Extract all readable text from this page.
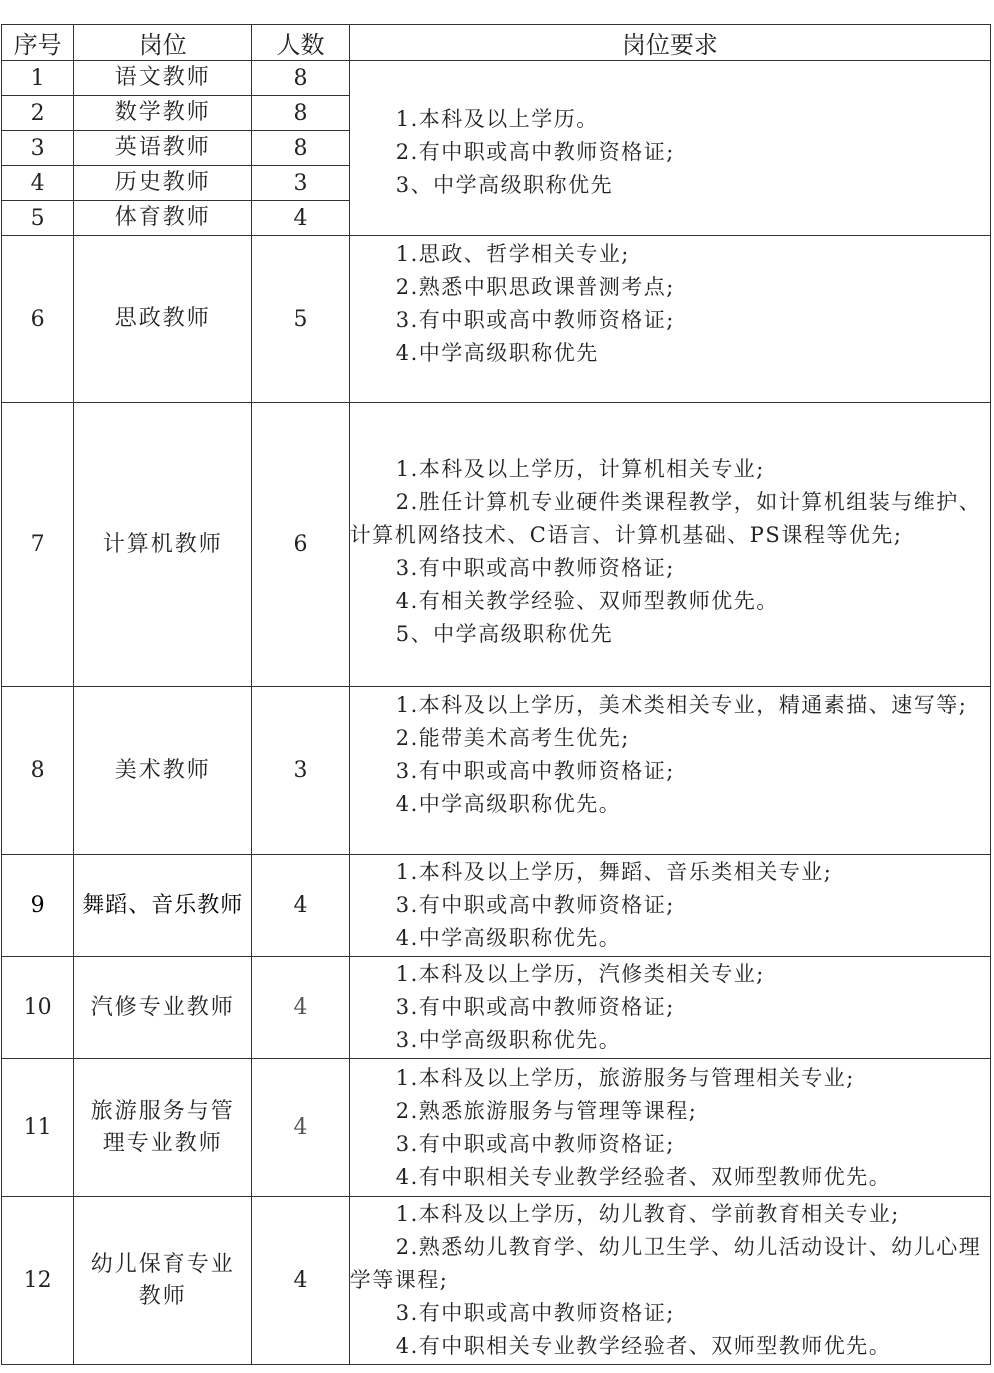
序号	岗位	人数	岗位要求
1	语文教师	8	1.本科及以上学历。
2.有中职或高中教师资格证;
3、中学高级职称优先

2	数学教师	8	
3	英语教师	8	
4	历史教师	3	
5	体育教师	4	
6	思政教师	5	1.思政、哲学相关专业;
2.熟悉中职思政课普测考点;
3.有中职或高中教师资格证;
4.中学高级职称优先

7	计算机教师	6	1.本科及以上学历，计算机相关专业;
2.胜任计算机专业硬件类课程教学，如计算机组装与维护、计算机网络技术、C语言、计算机基础、PS课程等优先;
3.有中职或高中教师资格证;
4.有相关教学经验、双师型教师优先。
5、中学高级职称优先

8	美术教师	3	1.本科及以上学历，美术类相关专业，精通素描、速写等;
2.能带美术高考生优先;
3.有中职或高中教师资格证;
4.中学高级职称优先。

9	舞蹈、音乐教师	4	1.本科及以上学历，舞蹈、音乐类相关专业;
3.有中职或高中教师资格证;
4.中学高级职称优先。

10	汽修专业教师	4	1.本科及以上学历，汽修类相关专业;
3.有中职或高中教师资格证;
3.中学高级职称优先。

11	旅游服务与管理专业教师	4	1.本科及以上学历，旅游服务与管理相关专业;
2.熟悉旅游服务与管理等课程;
3.有中职或高中教师资格证;
4.有中职相关专业教学经验者、双师型教师优先。

12	幼儿保育专业教师	4	1.本科及以上学历，幼儿教育、学前教育相关专业;
2.熟悉幼儿教育学、幼儿卫生学、幼儿活动设计、幼儿心理学等课程;
3.有中职或高中教师资格证;
4.有中职相关专业教学经验者、双师型教师优先。
